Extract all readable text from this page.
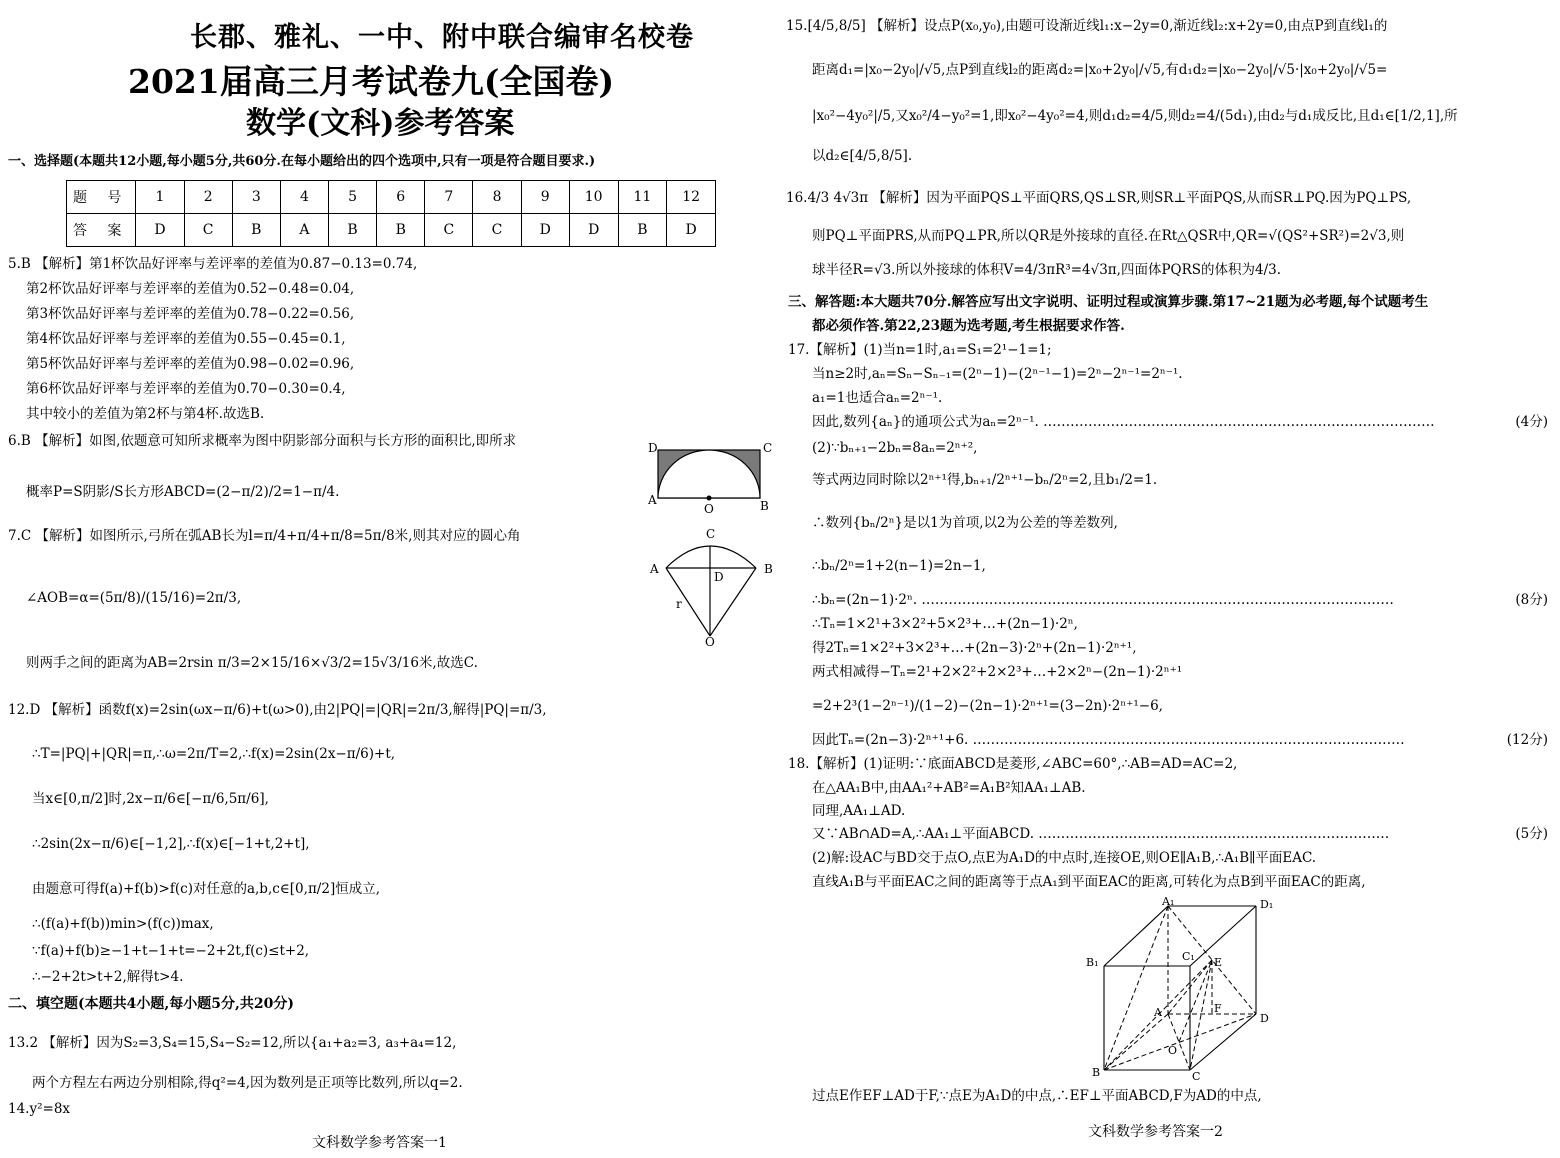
长郡、雅礼、一中、附中联合编审名校卷
2021届高三月考试卷九(全国卷)
数学(文科)参考答案
一、选择题(本题共12小题,每小题5分,共60分.在每小题给出的四个选项中,只有一项是符合题目要求.)
题 号	1	2	3	4	5	6	7	8	9	10	11	12
答 案	D	C	B	A	B	B	C	C	D	D	B	D
5.B 【解析】第1杯饮品好评率与差评率的差值为0.87−0.13=0.74,
第2杯饮品好评率与差评率的差值为0.52−0.48=0.04,
第3杯饮品好评率与差评率的差值为0.78−0.22=0.56,
第4杯饮品好评率与差评率的差值为0.55−0.45=0.1,
第5杯饮品好评率与差评率的差值为0.98−0.02=0.96,
第6杯饮品好评率与差评率的差值为0.70−0.30=0.4,
其中较小的差值为第2杯与第4杯.故选B.
6.B 【解析】如图,依题意可知所求概率为图中阴影部分面积与长方形的面积比,即所求
概率P=S阴影/S长方形ABCD=(2−π/2)/2=1−π/4.
D	C
A
O	B
7.C 【解析】如图所示,弓所在弧AB长为l=π/4+π/4+π/8=5π/8米,则其对应的圆心角
∠AOB=α=(5π/8)/(15/16)=2π/3,
则两手之间的距离为AB=2rsin π/3=2×15/16×√3/2=15√3/16米,故选C.
C
A	B
D
r
O
12.D 【解析】函数f(x)=2sin(ωx−π/6)+t(ω>0),由2|PQ|=|QR|=2π/3,解得|PQ|=π/3,
∴T=|PQ|+|QR|=π,∴ω=2π/T=2,∴f(x)=2sin(2x−π/6)+t,
当x∈[0,π/2]时,2x−π/6∈[−π/6,5π/6],
∴2sin(2x−π/6)∈[−1,2],∴f(x)∈[−1+t,2+t],
由题意可得f(a)+f(b)>f(c)对任意的a,b,c∈[0,π/2]恒成立,
∴(f(a)+f(b))min>(f(c))max,
∵f(a)+f(b)≥−1+t−1+t=−2+2t,f(c)≤t+2,
∴−2+2t>t+2,解得t>4.
二、填空题(本题共4小题,每小题5分,共20分)
13.2 【解析】因为S₂=3,S₄=15,S₄−S₂=12,所以{a₁+a₂=3, a₃+a₄=12,
两个方程左右两边分别相除,得q²=4,因为数列是正项等比数列,所以q=2.
14.y²=8x
文科数学参考答案一1
15.[4/5,8/5] 【解析】设点P(x₀,y₀),由题可设渐近线l₁:x−2y=0,渐近线l₂:x+2y=0,由点P到直线l₁的
距离d₁=|x₀−2y₀|/√5,点P到直线l₂的距离d₂=|x₀+2y₀|/√5,有d₁d₂=|x₀−2y₀|/√5·|x₀+2y₀|/√5=
|x₀²−4y₀²|/5,又x₀²/4−y₀²=1,即x₀²−4y₀²=4,则d₁d₂=4/5,则d₂=4/(5d₁),由d₂与d₁成反比,且d₁∈[1/2,1],所
以d₂∈[4/5,8/5].
16.4/3 4√3π 【解析】因为平面PQS⊥平面QRS,QS⊥SR,则SR⊥平面PQS,从而SR⊥PQ.因为PQ⊥PS,
则PQ⊥平面PRS,从而PQ⊥PR,所以QR是外接球的直径.在Rt△QSR中,QR=√(QS²+SR²)=2√3,则
球半径R=√3.所以外接球的体积V=4/3πR³=4√3π,四面体PQRS的体积为4/3.
三、解答题:本大题共70分.解答应写出文字说明、证明过程或演算步骤.第17~21题为必考题,每个试题考生
都必须作答.第22,23题为选考题,考生根据要求作答.
17.【解析】(1)当n=1时,a₁=S₁=2¹−1=1;
当n≥2时,aₙ=Sₙ−Sₙ₋₁=(2ⁿ−1)−(2ⁿ⁻¹−1)=2ⁿ−2ⁿ⁻¹=2ⁿ⁻¹.
a₁=1也适合aₙ=2ⁿ⁻¹.
因此,数列{aₙ}的通项公式为aₙ=2ⁿ⁻¹. ……………………………………………………………………………	(4分)
(2)∵bₙ₊₁−2bₙ=8aₙ=2ⁿ⁺²,
等式两边同时除以2ⁿ⁺¹得,bₙ₊₁/2ⁿ⁺¹−bₙ/2ⁿ=2,且b₁/2=1.
∴数列{bₙ/2ⁿ}是以1为首项,以2为公差的等差数列,
∴bₙ/2ⁿ=1+2(n−1)=2n−1,
∴bₙ=(2n−1)·2ⁿ. ……………………………………………………………………………………………	(8分)
∴Tₙ=1×2¹+3×2²+5×2³+…+(2n−1)·2ⁿ,
得2Tₙ=1×2²+3×2³+…+(2n−3)·2ⁿ+(2n−1)·2ⁿ⁺¹,
两式相减得−Tₙ=2¹+2×2²+2×2³+…+2×2ⁿ−(2n−1)·2ⁿ⁺¹
=2+2³(1−2ⁿ⁻¹)/(1−2)−(2n−1)·2ⁿ⁺¹=(3−2n)·2ⁿ⁺¹−6,
因此Tₙ=(2n−3)·2ⁿ⁺¹+6. ……………………………………………………………………………………	(12分)
18.【解析】(1)证明:∵底面ABCD是菱形,∠ABC=60°,∴AB=AD=AC=2,
在△AA₁B中,由AA₁²+AB²=A₁B²知AA₁⊥AB.
同理,AA₁⊥AD.
又∵AB∩AD=A,∴AA₁⊥平面ABCD. ……………………………………………………………………	(5分)
(2)解:设AC与BD交于点O,点E为A₁D的中点时,连接OE,则OE∥A₁B,∴A₁B∥平面EAC.
直线A₁B与平面EAC之间的距离等于点A₁到平面EAC的距离,可转化为点B到平面EAC的距离,
A₁	D₁
B₁	C₁ E
A	F
D
O
B	C
过点E作EF⊥AD于F,∵点E为A₁D的中点,∴EF⊥平面ABCD,F为AD的中点,
文科数学参考答案一2
